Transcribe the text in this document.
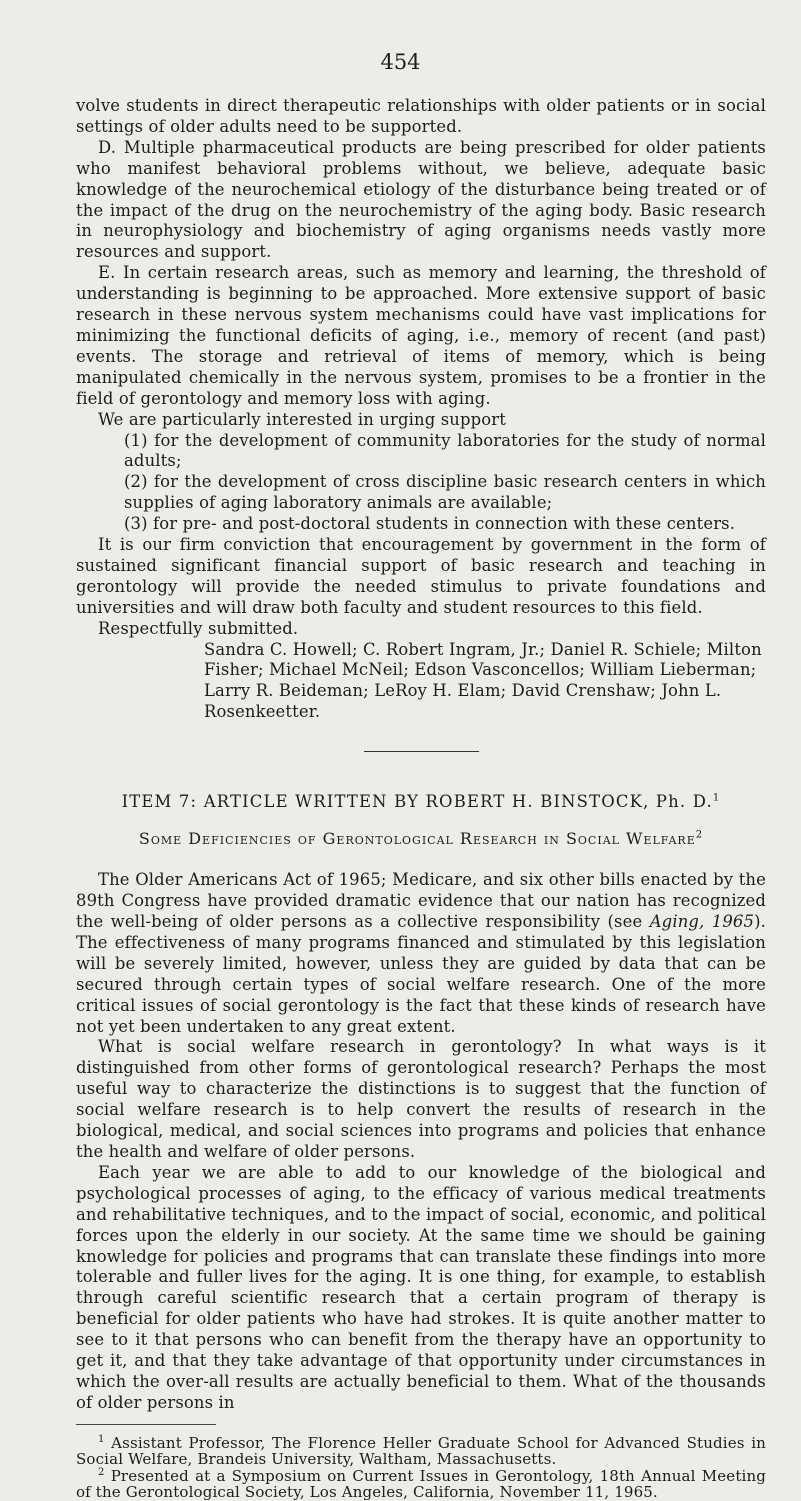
454

volve students in direct therapeutic relationships with older patients or in social settings of older adults need to be supported.

D. Multiple pharmaceutical products are being prescribed for older patients who manifest behavioral problems without, we believe, adequate basic knowledge of the neurochemical etiology of the disturbance being treated or of the impact of the drug on the neurochemistry of the aging body. Basic research in neurophysiology and biochemistry of aging organisms needs vastly more resources and support.

E. In certain research areas, such as memory and learning, the threshold of understanding is beginning to be approached. More extensive support of basic research in these nervous system mechanisms could have vast implications for minimizing the functional deficits of aging, i.e., memory of recent (and past) events. The storage and retrieval of items of memory, which is being manipulated chemically in the nervous system, promises to be a frontier in the field of gerontology and memory loss with aging.

We are particularly interested in urging support

(1) for the development of community laboratories for the study of normal adults;

(2) for the development of cross discipline basic research centers in which supplies of aging laboratory animals are available;

(3) for pre- and post-doctoral students in connection with these centers.

It is our firm conviction that encouragement by government in the form of sustained significant financial support of basic research and teaching in gerontology will provide the needed stimulus to private foundations and universities and will draw both faculty and student resources to this field.

Respectfully submitted.

Sandra C. Howell; C. Robert Ingram, Jr.; Daniel R. Schiele; Milton Fisher; Michael McNeil; Edson Vasconcellos; William Lieberman; Larry R. Beideman; LeRoy H. Elam; David Crenshaw; John L. Rosenkeetter.

ITEM 7: ARTICLE WRITTEN BY ROBERT H. BINSTOCK, Ph. D.$^1$
Some Deficiencies of Gerontological Research in Social Welfare$^2$

The Older Americans Act of 1965; Medicare, and six other bills enacted by the 89th Congress have provided dramatic evidence that our nation has recognized the well-being of older persons as a collective responsibility (see Aging, 1965). The effectiveness of many programs financed and stimulated by this legislation will be severely limited, however, unless they are guided by data that can be secured through certain types of social welfare research. One of the more critical issues of social gerontology is the fact that these kinds of research have not yet been undertaken to any great extent.

What is social welfare research in gerontology? In what ways is it distinguished from other forms of gerontological research? Perhaps the most useful way to characterize the distinctions is to suggest that the function of social welfare research is to help convert the results of research in the biological, medical, and social sciences into programs and policies that enhance the health and welfare of older persons.

Each year we are able to add to our knowledge of the biological and psychological processes of aging, to the efficacy of various medical treatments and rehabilitative techniques, and to the impact of social, economic, and political forces upon the elderly in our society. At the same time we should be gaining knowledge for policies and programs that can translate these findings into more tolerable and fuller lives for the aging. It is one thing, for example, to establish through careful scientific research that a certain program of therapy is beneficial for older patients who have had strokes. It is quite another matter to see to it that persons who can benefit from the therapy have an opportunity to get it, and that they take advantage of that opportunity under circumstances in which the over-all results are actually beneficial to them. What of the thousands of older persons in

$^1$ Assistant Professor, The Florence Heller Graduate School for Advanced Studies in Social Welfare, Brandeis University, Waltham, Massachusetts.

$^2$ Presented at a Symposium on Current Issues in Gerontology, 18th Annual Meeting of the Gerontological Society, Los Angeles, California, November 11, 1965.
